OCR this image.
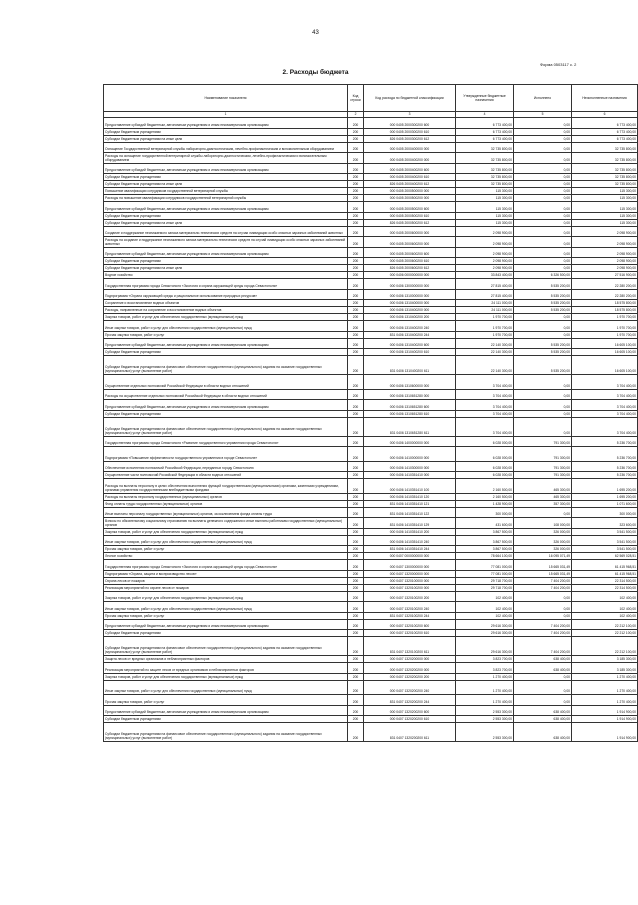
43
Форма 0503117 с. 2
2. Расходы бюджета
Наименование показателя	Код строки	Код расхода по бюджетной классификации	Утвержденные бюджетные назначения	Исполнено	Неисполненные назначения
1	2	3	4	5	6
Предоставление субсидий бюджетным, автономным учреждениям и иным некоммерческим организациям	200	000 0405 2000300200 600	6 773 400,00	0,00	6 773 400,00
Субсидии бюджетным учреждениям	200	000 0405 2000300200 610	6 773 400,00	0,00	6 773 400,00
Субсидии бюджетным учреждениям на иные цели	200	826 0405 2000300200 612	6 773 400,00	0,00	6 773 400,00
Оснащение Государственной ветеринарной службы лабораторно-диагностическим, лечебно-профилактическим и вспомогательным оборудованием	200	000 0405 2000400000 000	32 735 800,00	0,00	32 735 800,00
Расходы на оснащение государственной ветеринарной службы лабораторно-диагностическим, лечебно-профилактическим и вспомогательным оборудованием	200	000 0405 2000400200 000	32 735 800,00	0,00	32 735 800,00
Предоставление субсидий бюджетным, автономным учреждениям и иным некоммерческим организациям	200	000 0405 2000400200 600	32 735 800,00	0,00	32 735 800,00
Субсидии бюджетным учреждениям	200	000 0405 2000400200 610	32 735 800,00	0,00	32 735 800,00
Субсидии бюджетным учреждениям на иные цели	200	826 0405 2000400200 612	32 735 800,00	0,00	32 735 800,00
Повышение квалификации сотрудников государственной ветеринарной службы	200	000 0405 2000500000 000	115 300,00	0,00	115 300,00
Расходы на повышение квалификации сотрудников государственной ветеринарной службы	200	000 0405 2000500200 000	115 300,00	0,00	115 300,00
Предоставление субсидий бюджетным, автономным учреждениям и иным некоммерческим организациям	200	000 0405 2000500200 600	115 300,00	0,00	115 300,00
Субсидии бюджетным учреждениям	200	000 0405 2000500200 610	115 300,00	0,00	115 300,00
Субсидии бюджетным учреждениям на иные цели	200	826 0405 2000500200 612	115 300,00	0,00	115 300,00
Создание и поддержание неснижаемого запаса материально-технических средств на случаи ликвидации особо опасных заразных заболеваний животных	200	000 0405 2000600000 000	2 098 900,00	0,00	2 098 900,00
Расходы на создание и поддержание неснижаемого запаса материально-технических средств на случай ликвидации особо опасных заразных заболеваний животных	200	000 0405 2000600200 000	2 098 900,00	0,00	2 098 900,00
Предоставление субсидий бюджетным, автономным учреждениям и иным некоммерческим организациям	200	000 0405 2000600200 600	2 098 900,00	0,00	2 098 900,00
Субсидии бюджетным учреждениям	200	000 0405 2000600200 610	2 098 900,00	0,00	2 098 900,00
Субсидии бюджетным учреждениям на иные цели	200	826 0405 2000600200 612	2 098 900,00	0,00	2 098 900,00
Водное хозяйство	200	000 0406 0000000000 000	33 843 400,00	6 326 500,00	27 516 900,00
Государственная программа города Севастополя «Экология и охрана окружающей среды города Севастополя»	200	000 0406 1300000000 000	27 815 400,00	5 535 200,00	22 280 200,00
Подпрограмма «Охрана окружающей среды и рациональное использование природных ресурсов»	200	000 0406 1310000000 000	27 815 400,00	5 535 200,00	22 280 200,00
Сохранение и восстановление водных объектов	200	000 0406 1310400000 000	24 111 000,00	5 535 200,00	18 575 800,00
Расходы, направленные на сохранение и восстановление водных объектов	200	000 0406 1310400200 000	24 111 000,00	5 535 200,00	18 575 800,00
Закупка товаров, работ и услуг для обеспечения государственных (муниципальных) нужд	200	000 0406 1310400200 200	1 970 700,00	0,00	1 970 700,00
Иные закупки товаров, работ и услуг для обеспечения государственных (муниципальных) нужд	200	000 0406 1310400200 240	1 970 700,00	0,00	1 970 700,00
Прочая закупка товаров, работ и услуг	200	831 0406 1310400200 244	1 970 700,00	0,00	1 970 700,00
Предоставление субсидий бюджетным, автономным учреждениям и иным некоммерческим организациям	200	000 0406 1310400200 600	22 140 300,00	5 535 200,00	16 605 100,00
Субсидии бюджетным учреждениям	200	000 0406 1310400200 610	22 140 300,00	5 535 200,00	16 605 100,00
Субсидии бюджетным учреждениям на финансовое обеспечение государственного (муниципального) задания на оказание государственных (муниципальных) услуг (выполнение работ)	200	831 0406 1310400200 611	22 140 300,00	5 535 200,00	16 605 100,00
Осуществление отдельных полномочий Российской Федерации в области водных отношений	200	000 0406 1310600000 000	3 704 400,00	0,00	3 704 400,00
Расходы на осуществление отдельных полномочий Российской Федерации в области водных отношений	200	000 0406 1310651280 000	3 704 400,00	0,00	3 704 400,00
Предоставление субсидий бюджетным, автономным учреждениям и иным некоммерческим организациям	200	000 0406 1310651280 600	3 704 400,00	0,00	3 704 400,00
Субсидии бюджетным учреждениям	200	000 0406 1310651280 610	3 704 400,00	0,00	3 704 400,00
Субсидии бюджетным учреждениям на финансовое обеспечение государственного (муниципального) задания на оказание государственных (муниципальных) услуг (выполнение работ)	200	831 0406 1310651280 611	3 704 400,00	0,00	3 704 400,00
Государственная программа города Севастополя «Развитие государственного управления города Севастополя»	200	000 0406 1400000000 000	6 028 000,00	791 300,00	5 236 700,00
Подпрограмма «Повышение эффективности государственного управления в городе Севастополе»	200	000 0406 1410000000 000	6 028 000,00	791 300,00	5 236 700,00
Обеспечение исполнения полномочий Российской Федерации, переданных городу Севастополю	200	000 0406 1410300000 000	6 028 000,00	791 300,00	5 236 700,00
Осуществление части полномочий Российской Федерации в области водных отношений	200	000 0406 1410351410 000	6 028 000,00	791 300,00	5 236 700,00
Расходы на выплаты персоналу в целях обеспечения выполнения функций государственными (муниципальными) органами, казенными учреждениями, органами управления государственными внебюджетными фондами	200	000 0406 1410351410 100	2 160 500,00	465 300,00	1 695 200,00
Расходы на выплаты персоналу государственных (муниципальных) органов	200	000 0406 1410351410 120	2 160 500,00	465 300,00	1 695 200,00
Фонд оплаты труда государственных (муниципальных) органов	200	831 0406 1410351410 121	1 428 900,00	357 300,00	1 071 600,00
Иные выплаты персоналу государственных (муниципальных) органов, за исключением фонда оплаты труда	200	831 0406 1410351410 122	300 000,00	0,00	300 000,00
Взносы по обязательному социальному страхованию на выплаты денежного содержания и иные выплаты работникам государственных (муниципальных) органов	200	831 0406 1410351410 129	431 600,00	108 000,00	323 600,00
Закупка товаров, работ и услуг для обеспечения государственных (муниципальных) нужд	200	000 0406 1410351410 200	3 867 500,00	326 000,00	3 541 500,00
Иные закупки товаров, работ и услуг для обеспечения государственных (муниципальных) нужд	200	000 0406 1410351410 240	3 867 500,00	326 000,00	3 541 500,00
Прочая закупка товаров, работ и услуг	200	831 0406 1410351410 244	3 867 500,00	326 000,00	3 541 500,00
Лесное хозяйство	200	000 0407 0000000000 000	78 664 100,00	16 095 071,49	62 569 028,51
Государственная программа города Севастополя «Экология и охрана окружающей среды города Севастополя»	200	000 0407 1300000000 000	77 081 000,00	15 665 031,49	61 415 968,51
Подпрограмма «Охрана, защита и воспроизводство лесов»	200	000 0407 1320000000 000	77 081 000,00	15 665 031,49	61 415 968,51
Охрана лесов от пожаров	200	000 0407 1320100000 000	29 718 700,00	7 404 200,00	22 314 500,00
Реализация мероприятий по охране лесов от пожаров	200	000 0407 1320100200 000	29 718 700,00	7 404 200,00	22 314 500,00
Закупка товаров, работ и услуг для обеспечения государственных (муниципальных) нужд	200	000 0407 1320100200 200	102 400,00	0,00	102 400,00
Иные закупки товаров, работ и услуг для обеспечения государственных (муниципальных) нужд	200	000 0407 1320100200 240	102 400,00	0,00	102 400,00
Прочая закупка товаров, работ и услуг	200	831 0407 1320100200 244	102 400,00	0,00	102 400,00
Предоставление субсидий бюджетным, автономным учреждениям и иным некоммерческим организациям	200	000 0407 1320100200 600	29 616 300,00	7 404 200,00	22 212 100,00
Субсидии бюджетным учреждениям	200	000 0407 1320100200 610	29 616 300,00	7 404 200,00	22 212 100,00
Субсидии бюджетным учреждениям на финансовое обеспечение государственного (муниципального) задания на оказание государственных (муниципальных) услуг (выполнение работ)	200	831 0407 1320100200 611	29 616 300,00	7 404 200,00	22 212 100,00
Защита лесов от вредных организмов и неблагоприятных факторов	200	000 0407 1320200000 000	3 823 700,00	638 400,00	3 185 300,00
Реализация мероприятий по защите лесов от вредных организмов и неблагоприятных факторов	200	000 0407 1320200200 000	3 823 700,00	638 400,00	3 185 300,00
Закупка товаров, работ и услуг для обеспечения государственных (муниципальных) нужд	200	000 0407 1320200200 200	1 270 400,00	0,00	1 270 400,00
Иные закупки товаров, работ и услуг для обеспечения государственных (муниципальных) нужд	200	000 0407 1320200200 240	1 270 400,00	0,00	1 270 400,00
Прочая закупка товаров, работ и услуг	200	831 0407 1320200200 244	1 270 400,00	0,00	1 270 400,00
Предоставление субсидий бюджетным, автономным учреждениям и иным некоммерческим организациям	200	000 0407 1320200200 600	2 553 300,00	638 400,00	1 914 900,00
Субсидии бюджетным учреждениям	200	000 0407 1320200200 610	2 553 300,00	638 400,00	1 914 900,00
Субсидии бюджетным учреждениям на финансовое обеспечение государственного (муниципального) задания на оказание государственных (муниципальных) услуг (выполнение работ)	200	831 0407 1320200200 611	2 553 300,00	638 400,00	1 914 900,00
